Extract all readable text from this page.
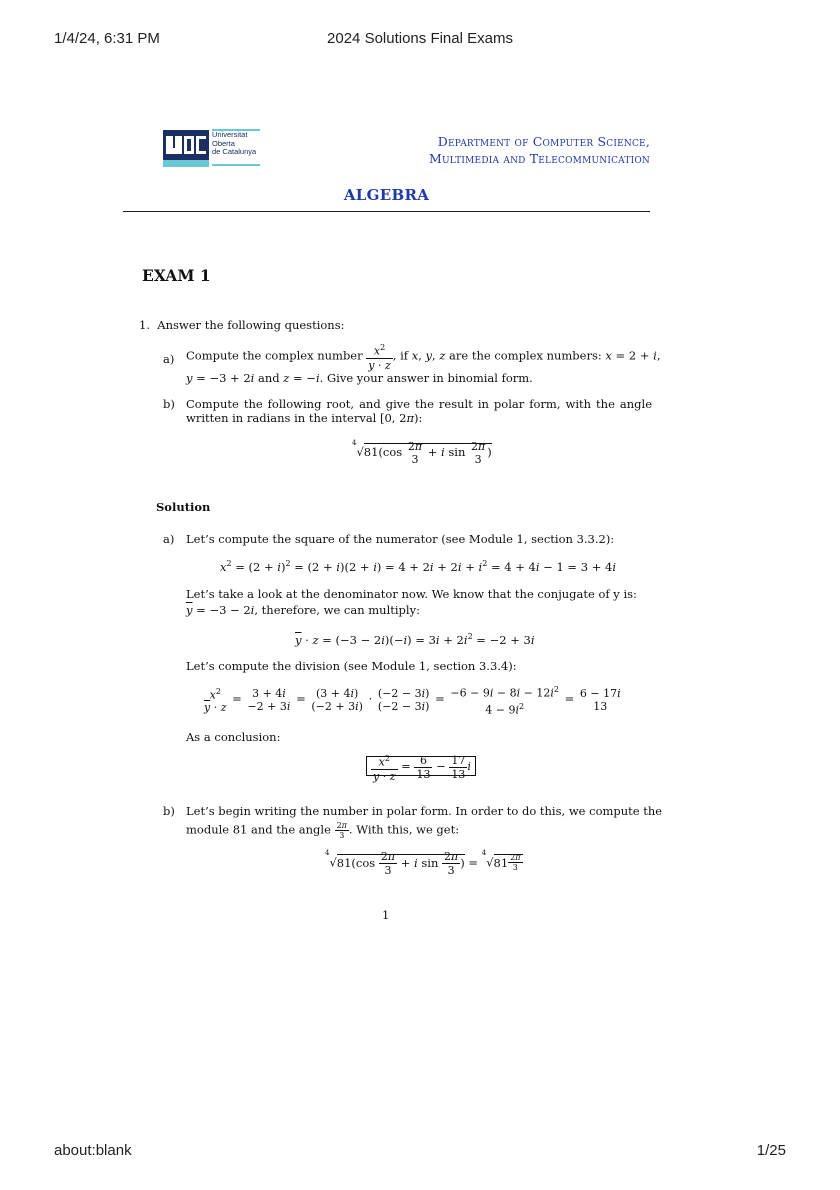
1/4/24, 6:31 PM	2024 Solutions Final Exams
Universitat
Oberta
de Catalunya
Department of Computer Science,
Multimedia and Telecommunication
ALGEBRA
EXAM 1
1. Answer the following questions:
a) Compute the complex number $\frac{x^2}{\overline{y} \cdot z}$ , if x, y, z are the complex numbers: x = 2 + i,
y = −3 + 2i and z = −i. Give your answer in binomial form.
b) Compute the following root, and give the result in polar form, with the angle written in radians in the interval [0, 2π):
$^4$√81(cos 2π
3
+ i sin 2π
3
)
Solution
a) Let’s compute the square of the numerator (see Module 1, section 3.3.2):
$x^2 = (2 + i)^2 = (2 + i)(2 + i) = 4 + 2i + 2i + i^2 = 4 + 4i - 1 = 3 + 4i$
Let’s take a look at the denominator now. We know that the conjugate of y is:
$\overline{y} = -3 - 2i$, therefore, we can multiply:
$\overline{y} \cdot z = (-3 - 2i)(-i) = 3i + 2i^2 = -2 + 3i$
Let’s compute the division (see Module 1, section 3.3.4):
$x^2$
$\overline{y} \cdot z$
= 3 + 4i
−2 + 3i
= (3 + 4i)
(−2 + 3i)
· (−2 − 3i)
(−2 − 3i)
= $-6 - 9i - 8i - 12i^2$
$4 - 9i^2$
= 6 − 17i
13
As a conclusion:
$\frac{x^2}{\overline{y} \cdot z} = \frac{6}{13} - \frac{17}{13}$ i
b) Let’s begin writing the number in polar form. In order to do this, we compute the
module 81 and the angle $\frac{2\pi}{3}$ . With this, we get:
$^4√81(\cos \frac{2\pi}{3} + i$ $\sin \frac{2\pi}{3}$ ) = $^4$√81 $_{\frac{2\pi}{3}}$
1
about:blank	1/25
